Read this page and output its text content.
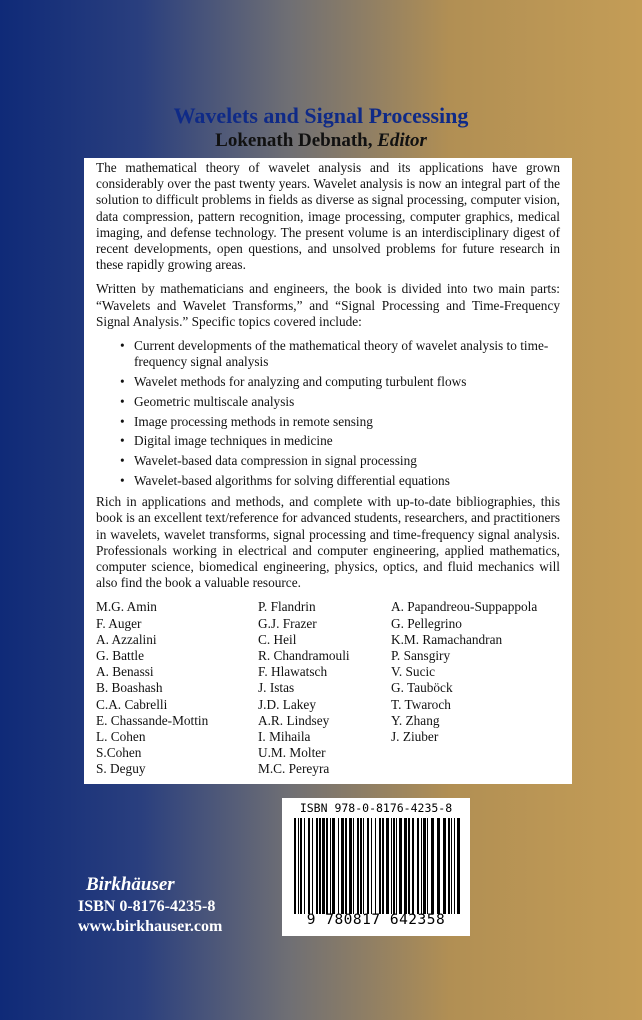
Wavelets and Signal Processing
Lokenath Debnath, Editor

The mathematical theory of wavelet analysis and its applications have grown considerably over the past twenty years. Wavelet analysis is now an integral part of the solution to difficult problems in fields as diverse as signal processing, computer vision, data compression, pattern recognition, image processing, computer graphics, medical imaging, and defense technology. The present volume is an interdisciplinary digest of recent developments, open questions, and unsolved problems for future research in these rapidly growing areas.

Written by mathematicians and engineers, the book is divided into two main parts: “Wavelets and Wavelet Transforms,” and “Signal Processing and Time-Frequency Signal Analysis.” Specific topics covered include:

• Current developments of the mathematical theory of wavelet analysis to time-frequency signal analysis
• Wavelet methods for analyzing and computing turbulent flows
• Geometric multiscale analysis
• Image processing methods in remote sensing
• Digital image techniques in medicine
• Wavelet-based data compression in signal processing
• Wavelet-based algorithms for solving differential equations

Rich in applications and methods, and complete with up-to-date bibliographies, this book is an excellent text/reference for advanced students, researchers, and practitioners in wavelets, wavelet transforms, signal processing and time-frequency signal analysis. Professionals working in electrical and computer engineering, applied mathematics, computer science, biomedical engineering, physics, optics, and fluid mechanics will also find the book a valuable resource.

M.G. Amin
F. Auger
A. Azzalini
G. Battle
A. Benassi
B. Boashash
C.A. Cabrelli
E. Chassande-Mottin
L. Cohen
S.Cohen
S. Deguy
P. Flandrin
G.J. Frazer
C. Heil
R. Chandramouli
F. Hlawatsch
J. Istas
J.D. Lakey
A.R. Lindsey
I. Mihaila
U.M. Molter
M.C. Pereyra
A. Papandreou-Suppappola
G. Pellegrino
K.M. Ramachandran
P. Sansgiry
V. Sucic
G. Tauböck
T. Twaroch
Y. Zhang
J. Ziuber
ISBN 978-0-8176-4235-8
9 780817 642358
Birkhäuser
ISBN 0-8176-4235-8
www.birkhauser.com
